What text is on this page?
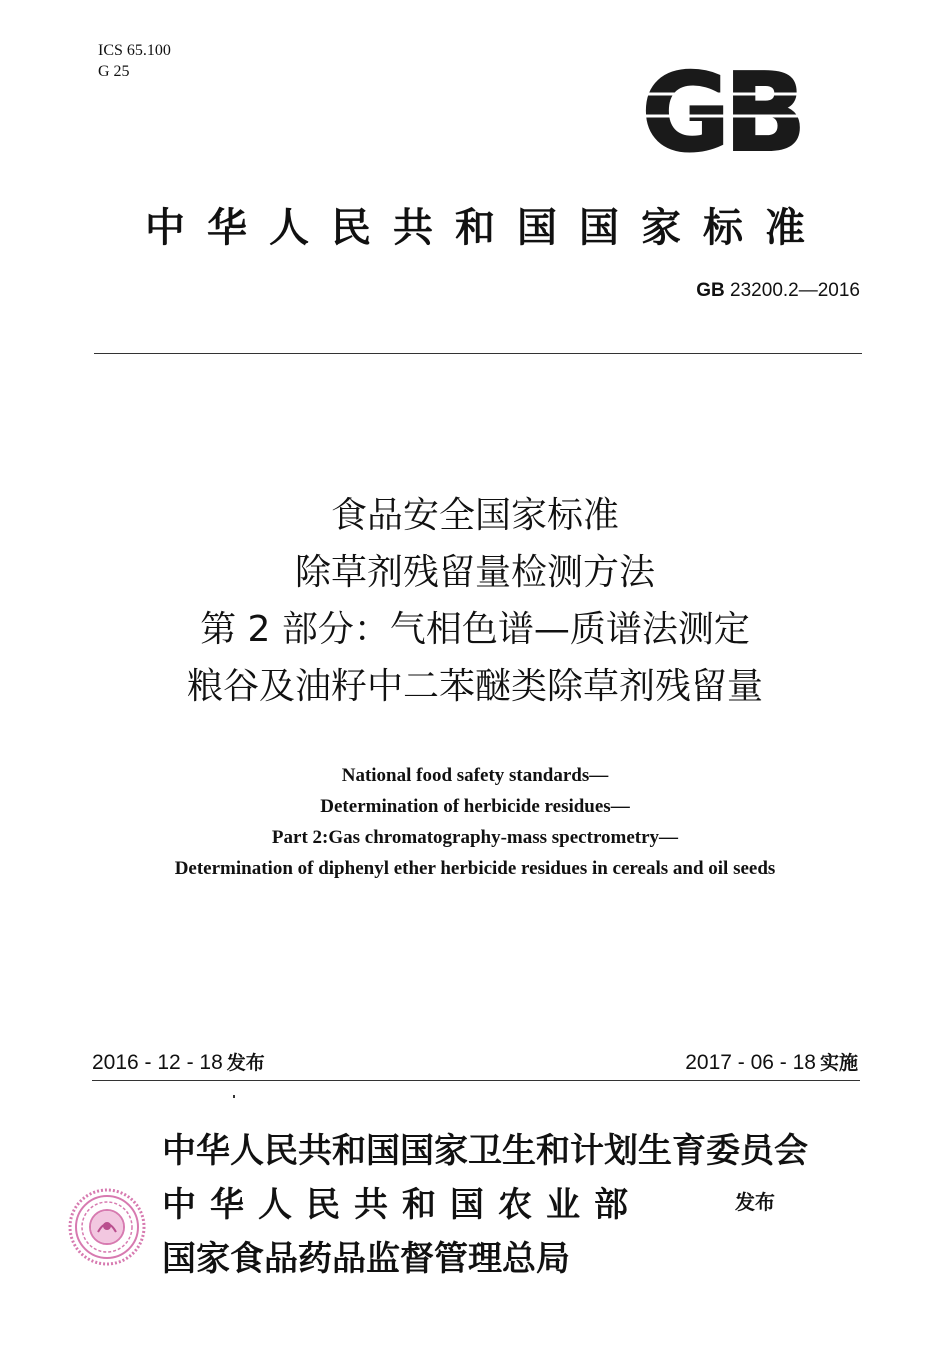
ICS 65.100
G 25	GB
中华人民共和国国家标准
GB 23200.2—2016
食品安全国家标准
除草剂残留量检测方法
第 2 部分：气相色谱—质谱法测定
粮谷及油籽中二苯醚类除草剂残留量
National food safety standards—
Determination of herbicide residues—
Part 2:Gas chromatography-mass spectrometry—
Determination of diphenyl ether herbicide residues in cereals and oil seeds
2016 - 12 - 18 发布	2017 - 06 - 18 实施
中华人民共和国国家卫生和计划生育委员会
中华人民共和国农业部
国家食品药品监督管理总局
发布
